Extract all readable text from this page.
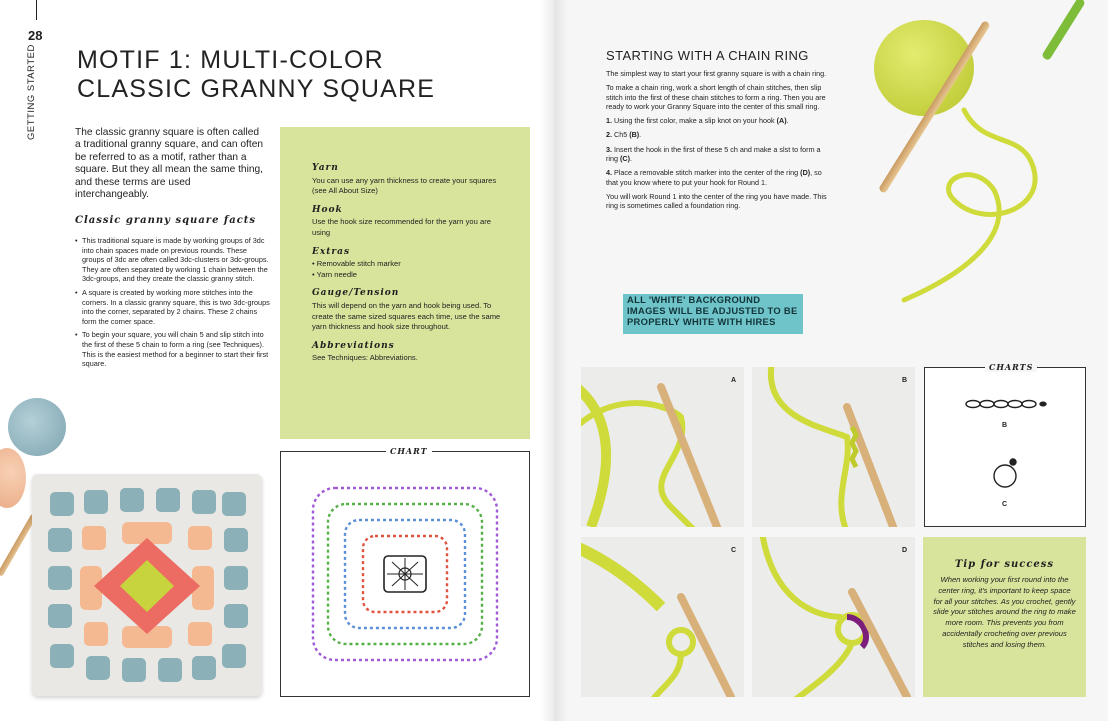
28
GETTING STARTED MOTIF 1: MULTI-COLOR
CLASSIC GRANNY SQUARE

The classic granny square is often called a traditional granny square, and can often be referred to as a motif, rather than a square. But they all mean the same thing, and these terms are used interchangeably.

Classic granny square facts
• This traditional square is made by working groups of 3dc into chain spaces made on previous rounds. These groups of 3dc are often called 3dc-clusters or 3dc-groups. They are often separated by working 1 chain between the 3dc-groups, and they create the classic granny stitch.
• A square is created by working more stitches into the corners. In a classic granny square, this is two 3dc-groups into the corner, separated by 2 chains. These 2 chains form the corner space.
• To begin your square, you will chain 5 and slip stitch into the first of these 5 chain to form a ring (see Techniques). This is the easiest method for a beginner to start their first square.
Yarn

You can use any yarn thickness to create your squares (see All About Size)

Hook

Use the hook size recommended for the yarn you are using

Extras
• Removable stitch marker
• Yarn needle
Gauge/Tension

This will depend on the yarn and hook being used. To create the same sized squares each time, use the same yarn thickness and hook size throughout.

Abbreviations

See Techniques: Abbreviations.

CHART
STARTING WITH A CHAIN RING

The simplest way to start your first granny square is with a chain ring.

To make a chain ring, work a short length of chain stitches, then slip stitch into the first of these chain stitches to form a ring. Then you are ready to work your Granny Square into the center of this small ring.

1. Using the first color, make a slip knot on your hook (A).

2. Ch5 (B).

3. Insert the hook in the first of these 5 ch and make a slst to form a ring (C).

4. Place a removable stitch marker into the center of the ring (D), so that you know where to put your hook for Round 1.

You will work Round 1 into the center of the ring you have made. This ring is sometimes called a foundation ring.

ALL 'WHITE' BACKGROUND IMAGES WILL BE ADJUSTED TO BE PROPERLY WHITE WITH HIRES
A	B
C	D
CHARTS
B
C
Tip for success

When working your first round into the center ring, it's important to keep space for all your stitches. As you crochet, gently slide your stitches around the ring to make more room. This prevents you from accidentally crocheting over previous stitches and losing them.
